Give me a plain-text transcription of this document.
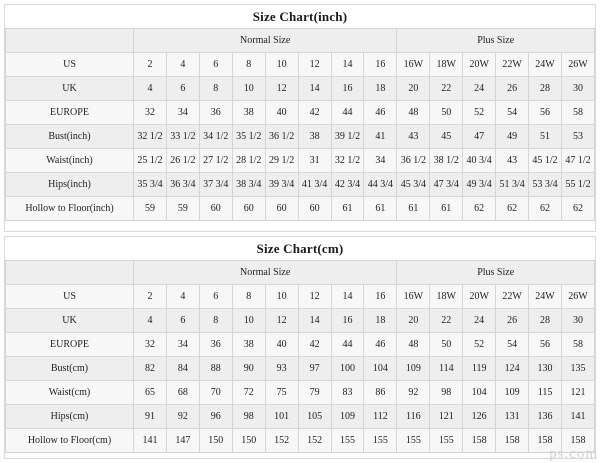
Size Chart(inch)
	Normal Size								Plus Size					
US	2	4	6	8	10	12	14	16	16W	18W	20W	22W	24W	26W
UK	4	6	8	10	12	14	16	18	20	22	24	26	28	30
EUROPE	32	34	36	38	40	42	44	46	48	50	52	54	56	58
Bust(inch)	32 1/2	33 1/2	34 1/2	35 1/2	36 1/2	38	39 1/2	41	43	45	47	49	51	53
Waist(inch)	25 1/2	26 1/2	27 1/2	28 1/2	29 1/2	31	32 1/2	34	36 1/2	38 1/2	40 3/4	43	45 1/2	47 1/2
Hips(inch)	35 3/4	36 3/4	37 3/4	38 3/4	39 3/4	41 3/4	42 3/4	44 3/4	45 3/4	47 3/4	49 3/4	51 3/4	53 3/4	55 1/2
Hollow to Floor(inch)	59	59	60	60	60	60	61	61	61	61	62	62	62	62
Size Chart(cm)
	Normal Size								Plus Size					
US	2	4	6	8	10	12	14	16	16W	18W	20W	22W	24W	26W
UK	4	6	8	10	12	14	16	18	20	22	24	26	28	30
EUROPE	32	34	36	38	40	42	44	46	48	50	52	54	56	58
Bust(cm)	82	84	88	90	93	97	100	104	109	114	119	124	130	135
Waist(cm)	65	68	70	72	75	79	83	86	92	98	104	109	115	121
Hips(cm)	91	92	96	98	101	105	109	112	116	121	126	131	136	141
Hollow to Floor(cm)	141	147	150	150	152	152	155	155	155	155	158	158	158	158
ps.com
